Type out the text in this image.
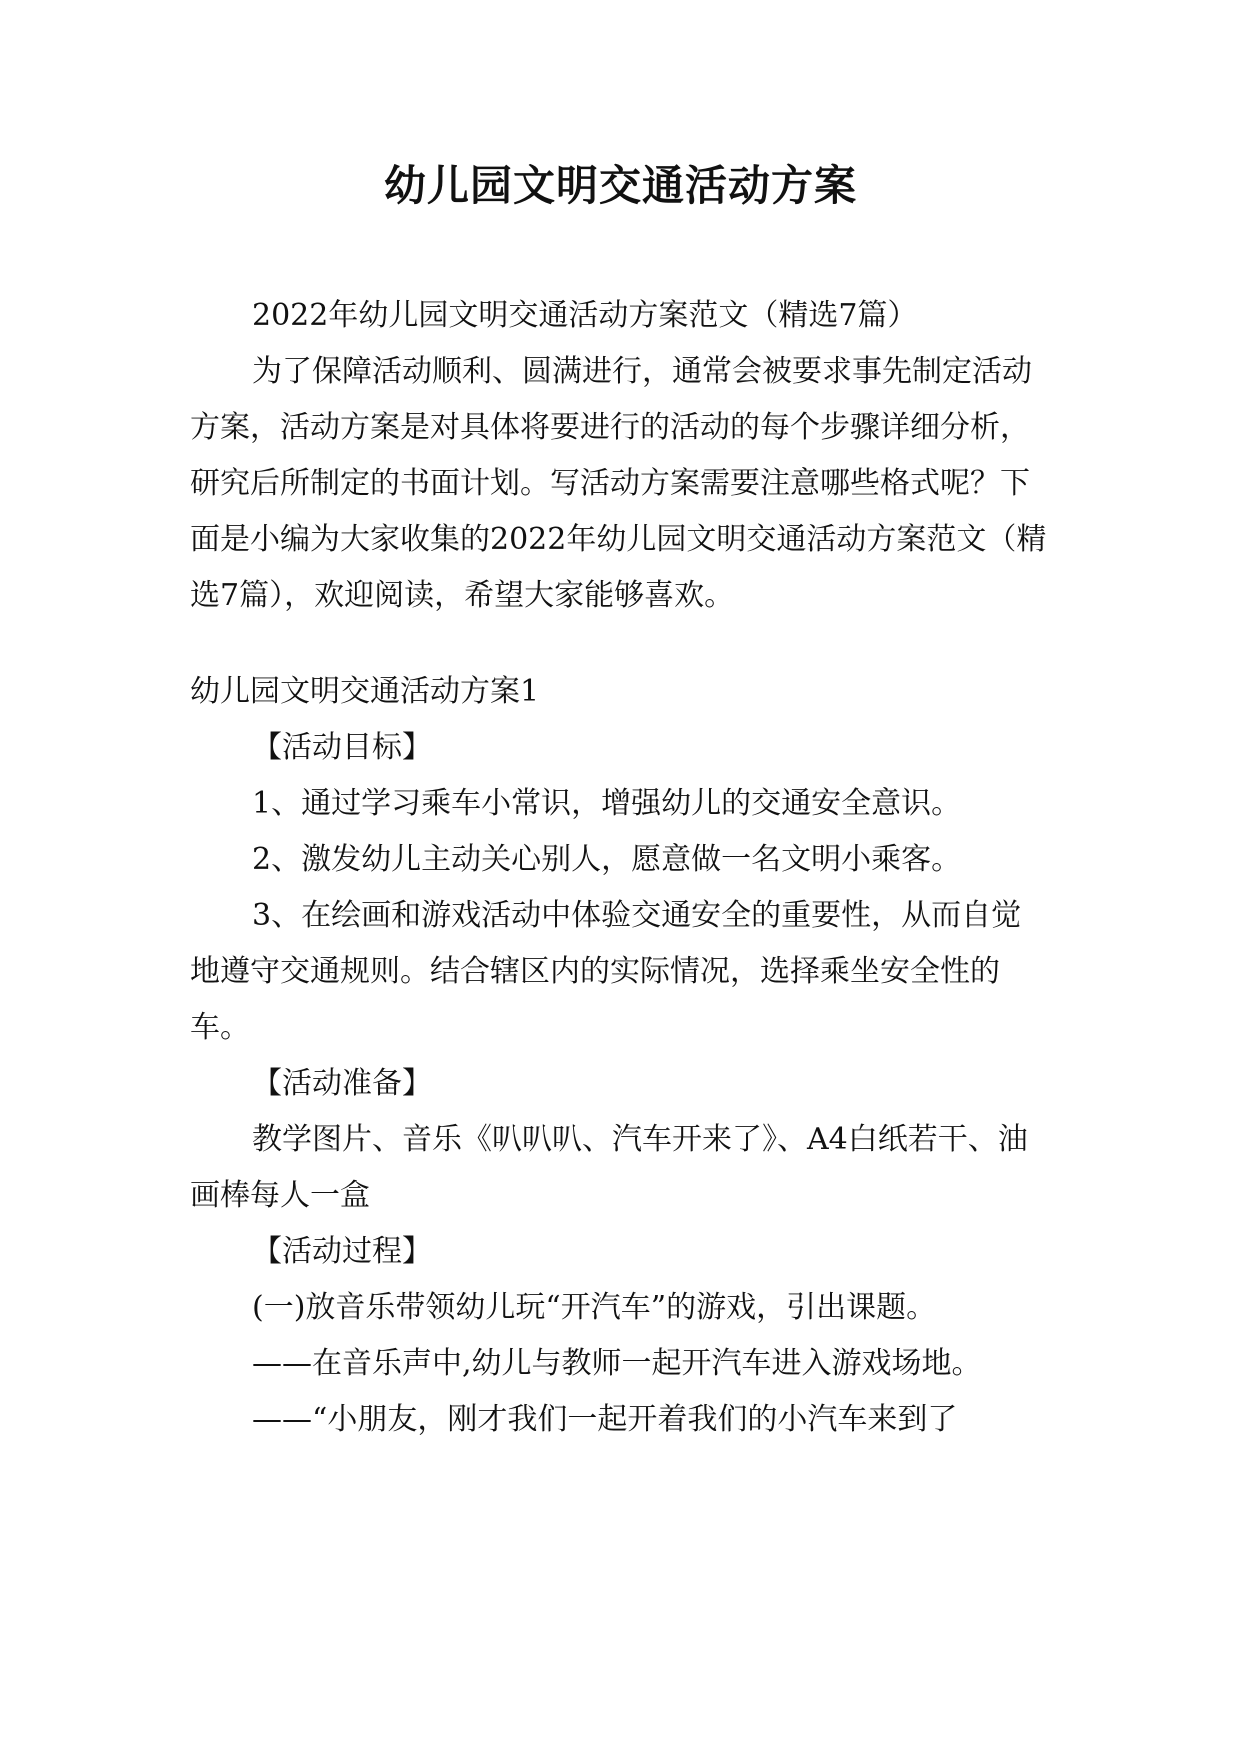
幼儿园文明交通活动方案

2022年幼儿园文明交通活动方案范文（精选7篇）

为了保障活动顺利、圆满进行，通常会被要求事先制定活动方案，活动方案是对具体将要进行的活动的每个步骤详细分析，研究后所制定的书面计划。写活动方案需要注意哪些格式呢？下面是小编为大家收集的2022年幼儿园文明交通活动方案范文（精选7篇），欢迎阅读，希望大家能够喜欢。

幼儿园文明交通活动方案1

【活动目标】

1、通过学习乘车小常识，增强幼儿的交通安全意识。

2、激发幼儿主动关心别人，愿意做一名文明小乘客。

3、在绘画和游戏活动中体验交通安全的重要性，从而自觉地遵守交通规则。结合辖区内的实际情况，选择乘坐安全性的车。

【活动准备】

教学图片、音乐《叭叭叭、汽车开来了》、A4白纸若干、油画棒每人一盒

【活动过程】

(一)放音乐带领幼儿玩“开汽车”的游戏，引出课题。

——在音乐声中,幼儿与教师一起开汽车进入游戏场地。

——“小朋友，刚才我们一起开着我们的小汽车来到了
